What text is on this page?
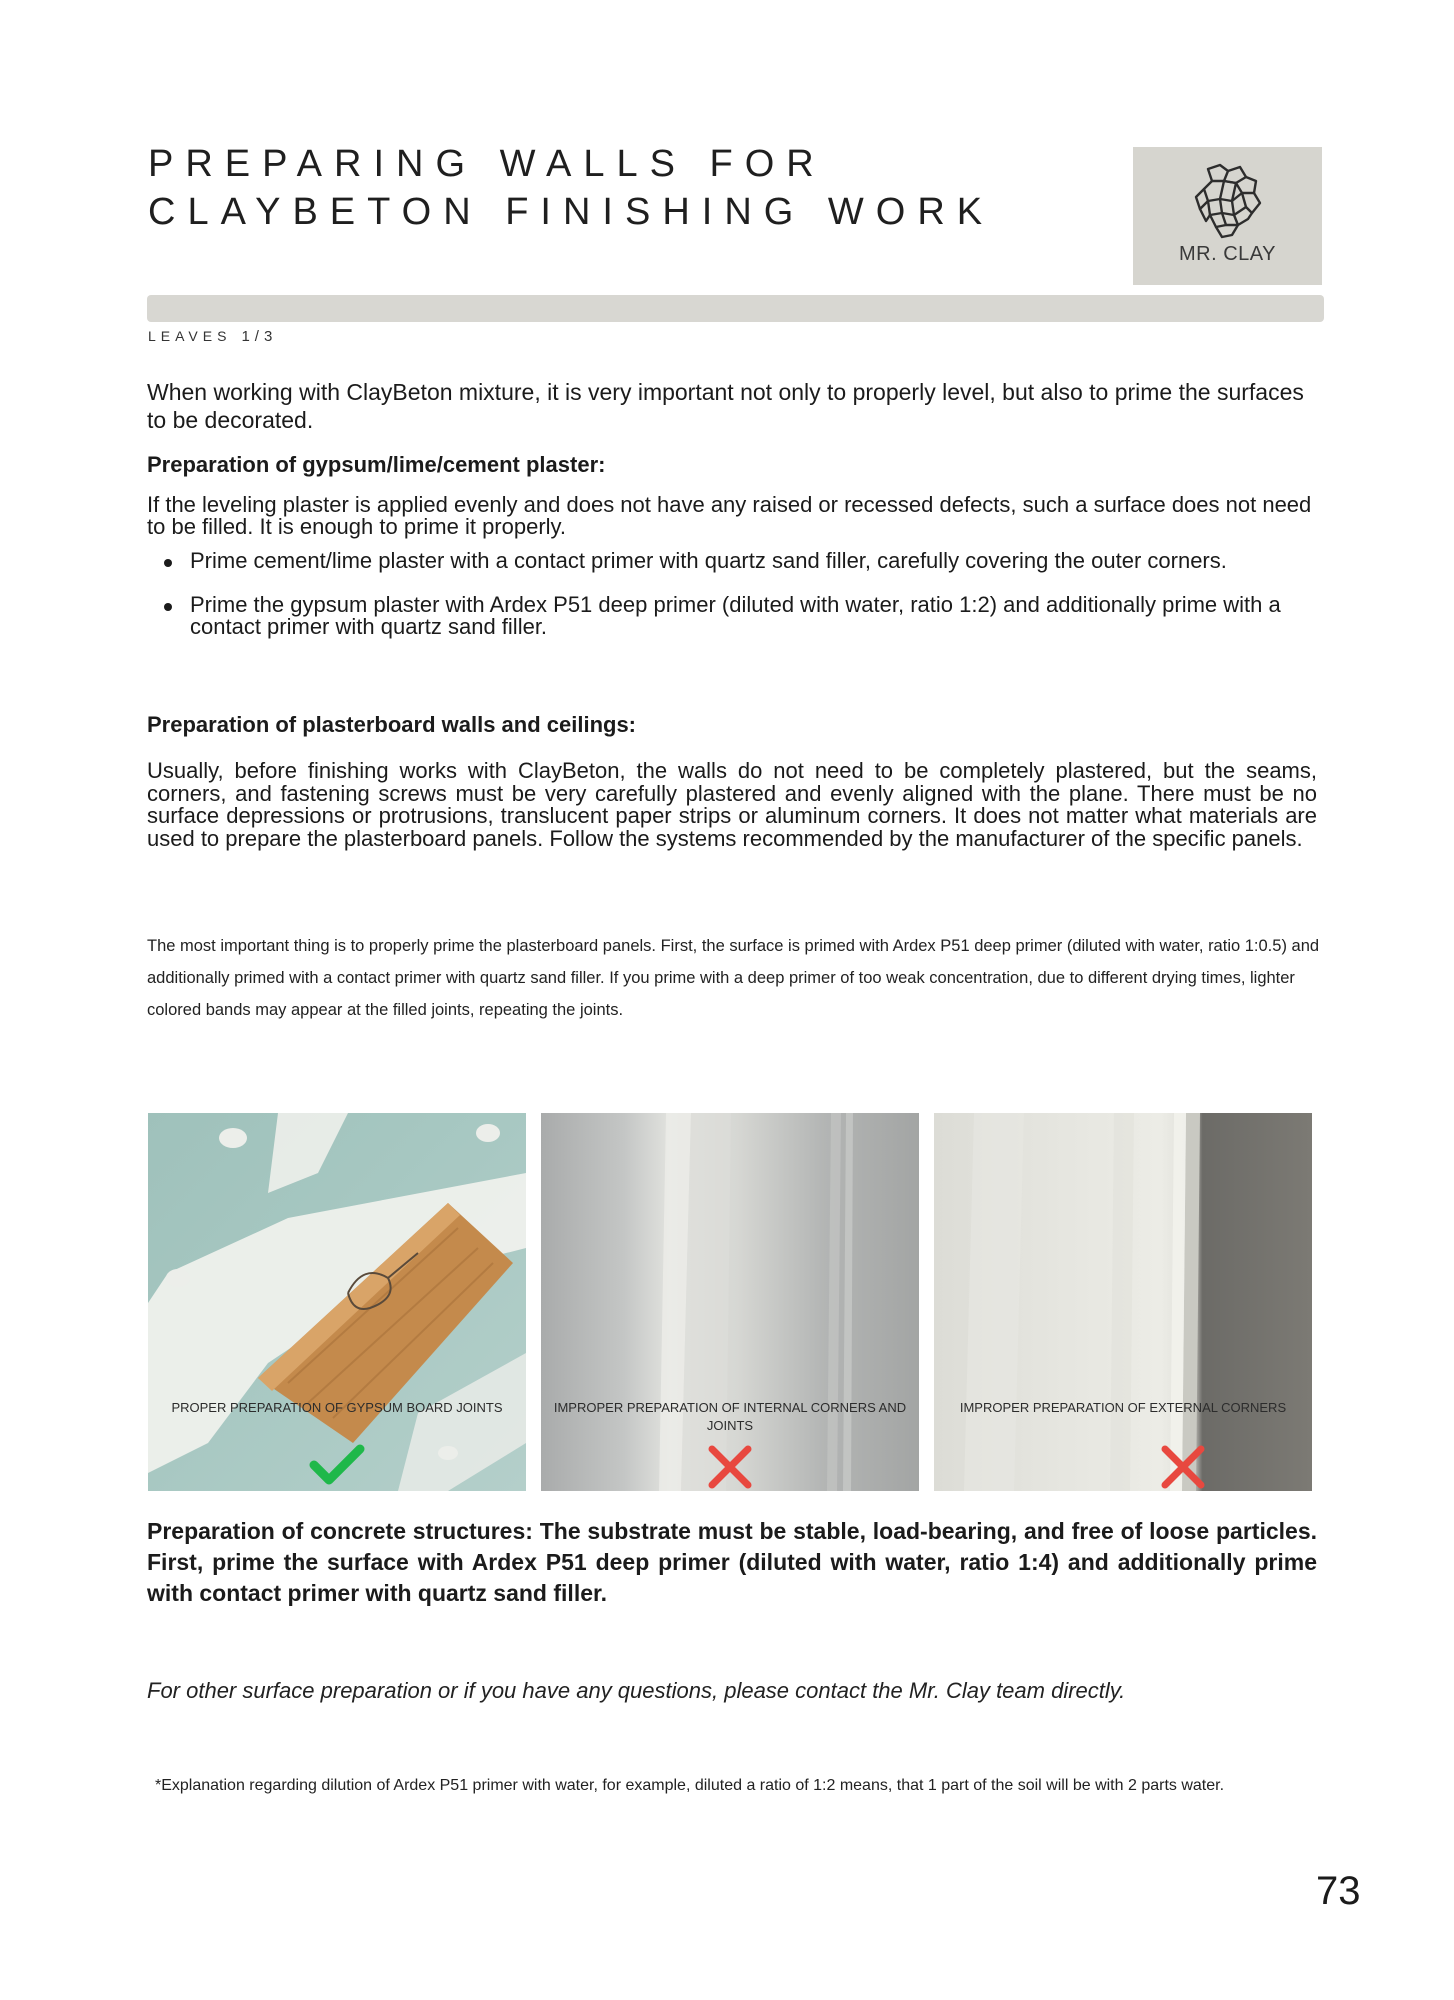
PREPARING WALLS FOR
CLAYBETON FINISHING WORK
MR. CLAY
LEAVES 1/3

When working with ClayBeton mixture, it is very important not only to properly level, but also to prime the surfaces to be decorated.

Preparation of gypsum/lime/cement plaster:

If the leveling plaster is applied evenly and does not have any raised or recessed defects, such a surface does not need to be filled. It is enough to prime it properly.

Prime cement/lime plaster with a contact primer with quartz sand filler, carefully covering the outer corners.
Prime the gypsum plaster with Ardex P51 deep primer (diluted with water, ratio 1:2) and additionally prime with a contact primer with quartz sand filler.
Preparation of plasterboard walls and ceilings:

Usually, before finishing works with ClayBeton, the walls do not need to be completely plastered, but the seams, corners, and fastening screws must be very carefully plastered and evenly aligned with the plane. There must be no surface depressions or protrusions, translucent paper strips or aluminum corners. It does not matter what materials are used to prepare the plasterboard panels. Follow the systems recommended by the manufacturer of the specific panels.

The most important thing is to properly prime the plasterboard panels. First, the surface is primed with Ardex P51 deep primer (diluted with water, ratio 1:0.5) and additionally primed with a contact primer with quartz sand filler. If you prime with a deep primer of too weak concentration, due to different drying times, lighter colored bands may appear at the filled joints, repeating the joints.

PROPER PREPARATION OF GYPSUM BOARD JOINTS	IMPROPER PREPARATION OF INTERNAL CORNERS AND JOINTS
IMPROPER PREPARATION OF EXTERNAL CORNERS

Preparation of concrete structures: The substrate must be stable, load-bearing, and free of loose particles. First, prime the surface with Ardex P51 deep primer (diluted with water, ratio 1:4) and additionally prime with contact primer with quartz sand filler.

For other surface preparation or if you have any questions, please contact the Mr. Clay team directly.

*Explanation regarding dilution of Ardex P51 primer with water, for example, diluted a ratio of 1:2 means, that 1 part of the soil will be with 2 parts water.

73
